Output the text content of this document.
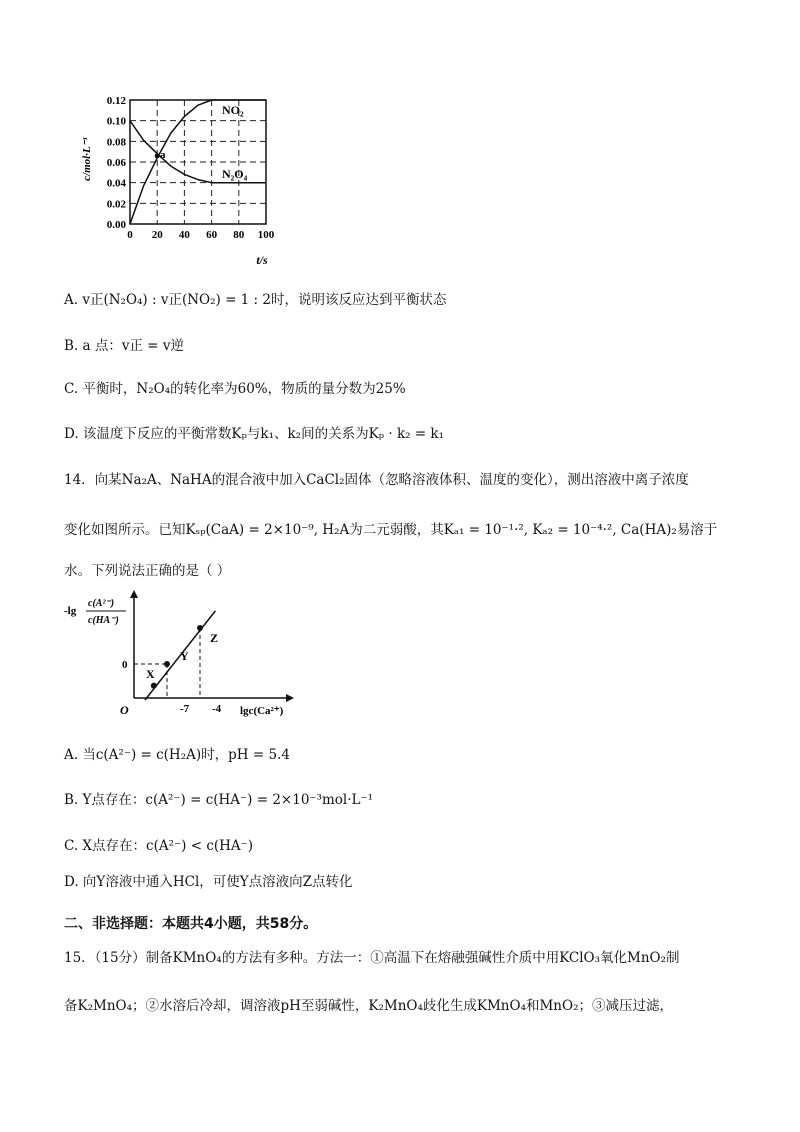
0.00
0.02
0.04
0.06
0.08
0.10
0.12
0 20 40 60 80 100
c/mol·L⁻¹
t/s
NO₂
N₂O₄
a
A. v正(N₂O₄) : v正(NO₂) = 1 : 2时，说明该反应达到平衡状态
B. a 点：v正 = v逆
C. 平衡时，N₂O₄的转化率为60%，物质的量分数为25%
D. 该温度下反应的平衡常数Kₚ与k₁、k₂间的关系为Kₚ · k₂ = k₁
14．向某Na₂A、NaHA的混合液中加入CaCl₂固体（忽略溶液体积、温度的变化），测出溶液中离子浓度
变化如图所示。已知Kₛₚ(CaA) = 2×10⁻⁹, H₂A为二元弱酸，其Kₐ₁ = 10⁻¹·², Kₐ₂ = 10⁻⁴·², Ca(HA)₂易溶于
水。下列说法正确的是（ ）
-lg
c(A²⁻)
c(HA⁻)
O
0
-7 -4 lgc(Ca²⁺)
X
Y
Z
A. 当c(A²⁻) = c(H₂A)时，pH = 5.4
B. Y点存在：c(A²⁻) = c(HA⁻) = 2×10⁻³mol·L⁻¹
C. X点存在：c(A²⁻) < c(HA⁻)
D. 向Y溶液中通入HCl，可使Y点溶液向Z点转化
二、非选择题：本题共4小题，共58分。
15．（15分）制备KMnO₄的方法有多种。方法一：①高温下在熔融强碱性介质中用KClO₃氧化MnO₂制
备K₂MnO₄；②水溶后冷却，调溶液pH至弱碱性，K₂MnO₄歧化生成KMnO₄和MnO₂；③减压过滤，
